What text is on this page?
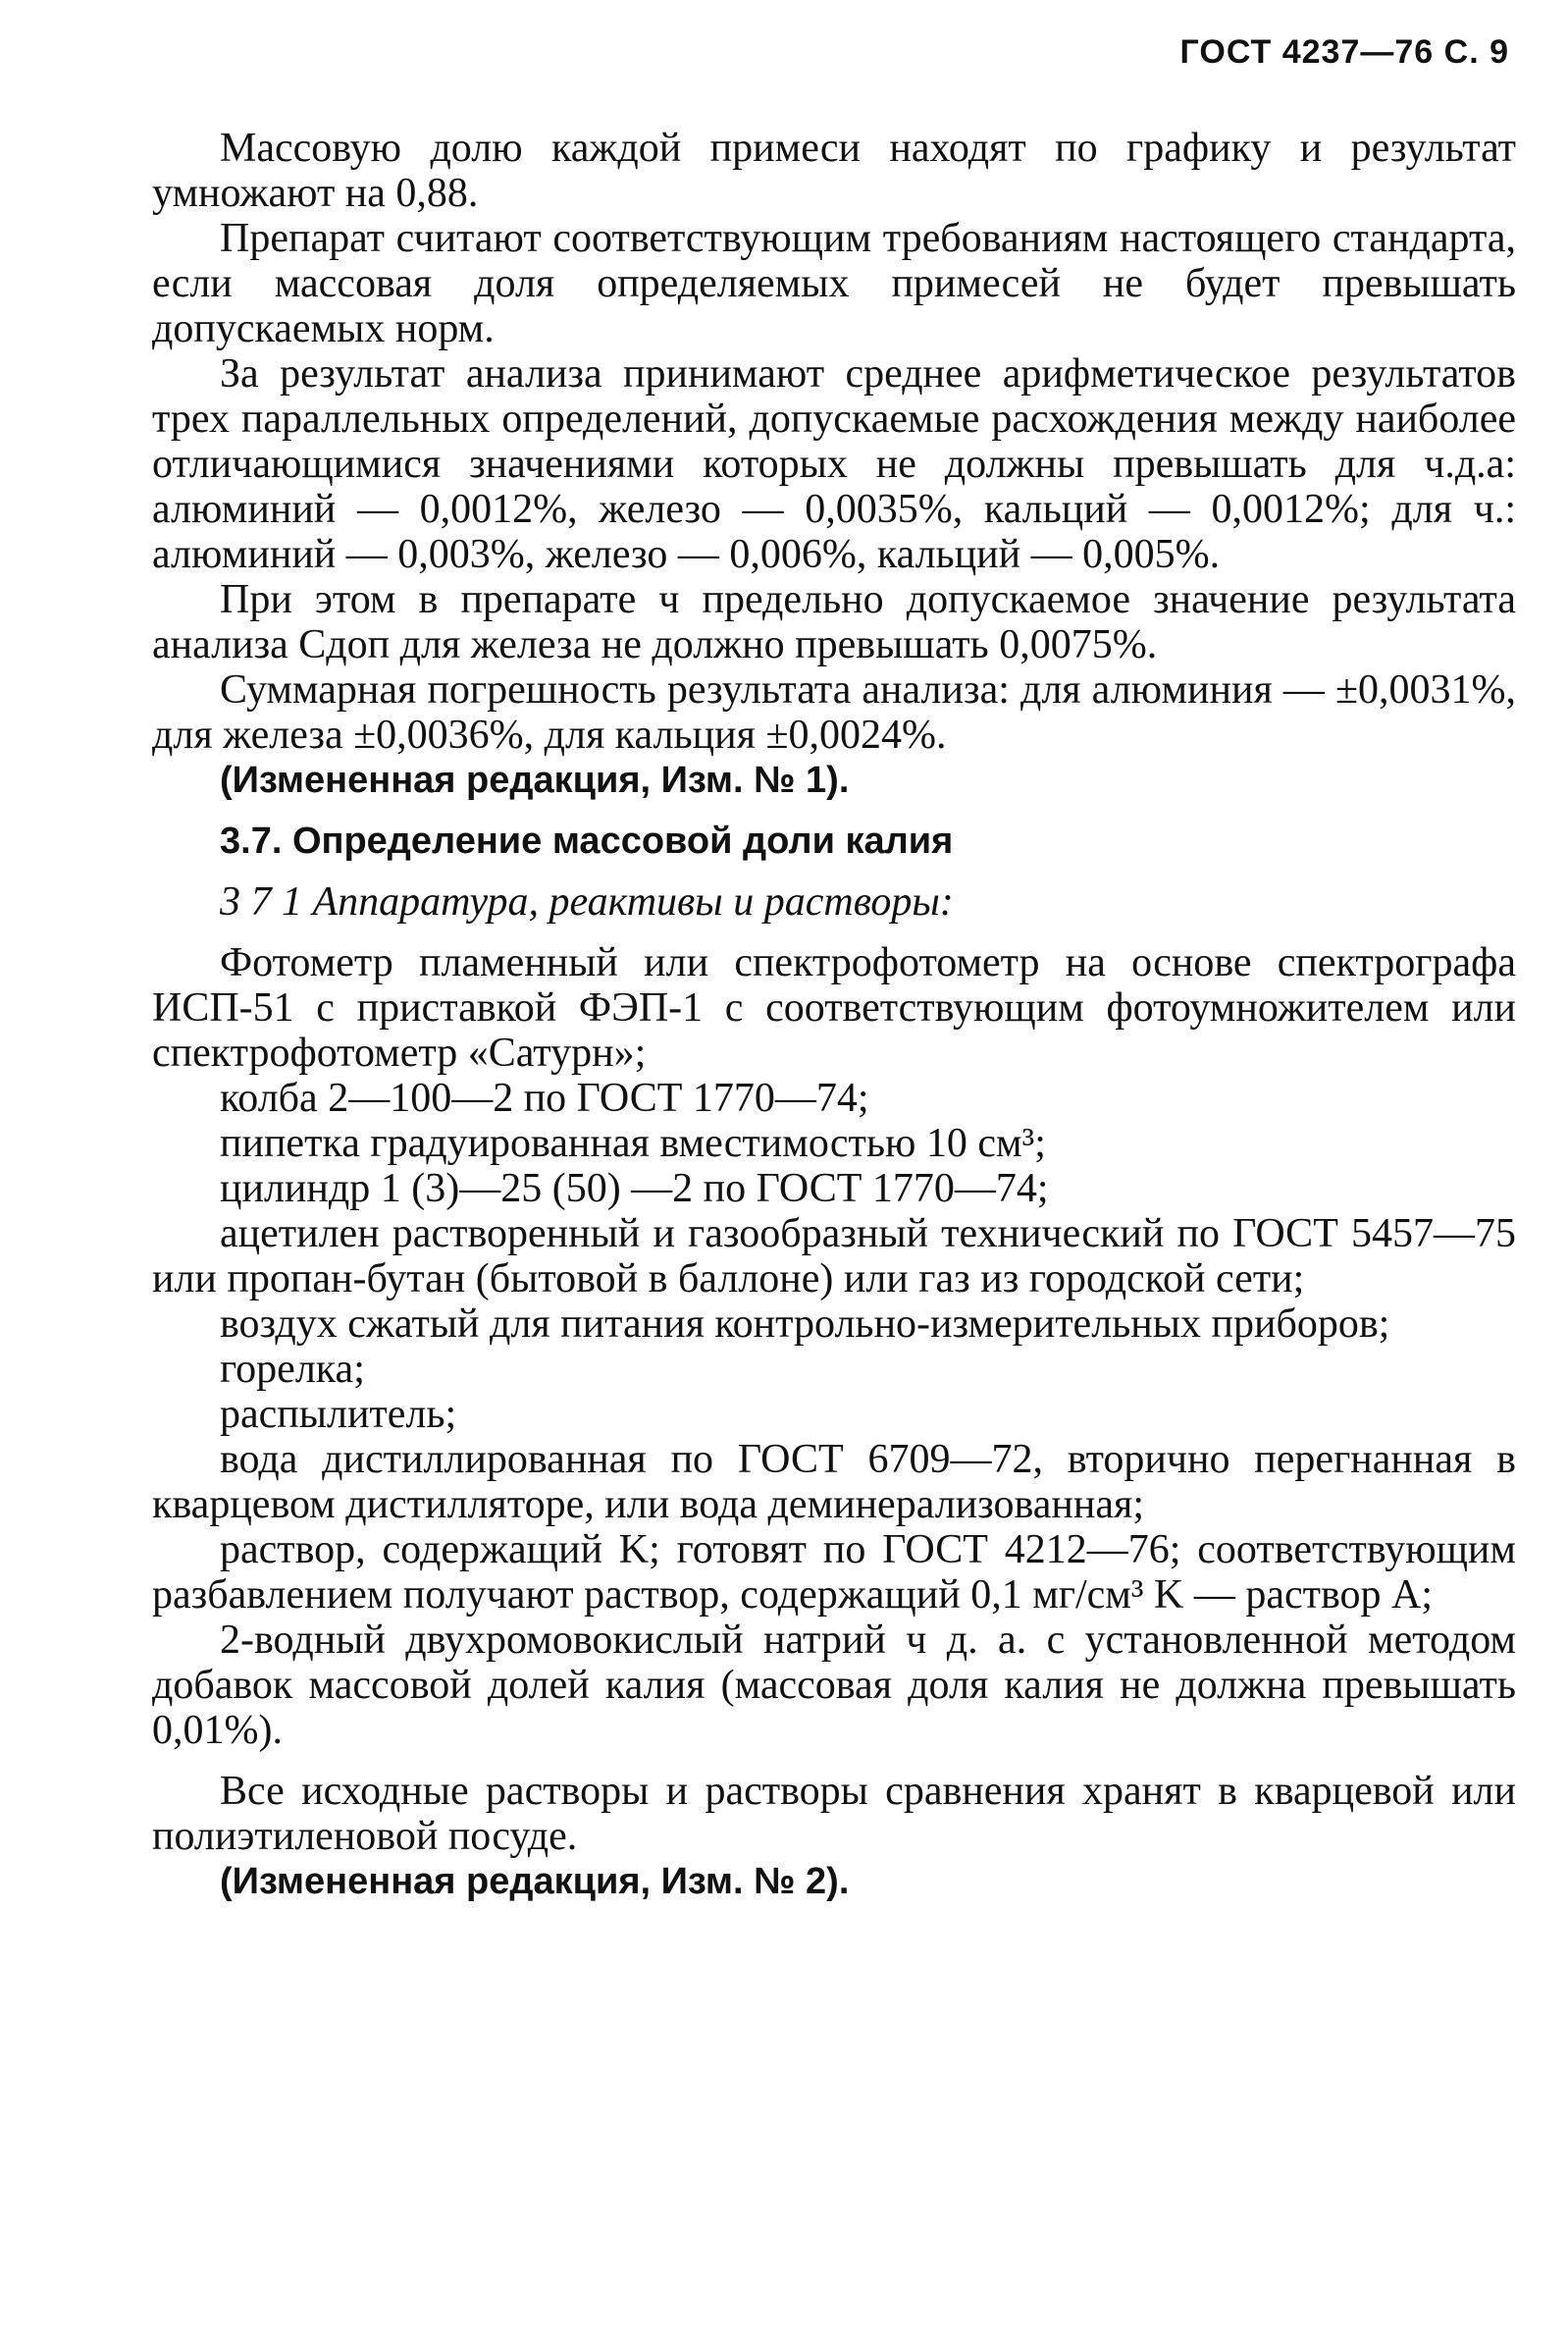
ГОСТ 4237—76 С. 9

Массовую долю каждой примеси находят по графику и результат умножают на 0,88.

Препарат считают соответствующим требованиям настоящего стандарта, если массовая доля определяемых примесей не будет превышать допускаемых норм.

За результат анализа принимают среднее арифметическое результатов трех параллельных определений, допускаемые расхождения между наиболее отличающимися значениями которых не должны превышать для ч.д.а: алюминий — 0,0012%, железо — 0,0035%, кальций — 0,0012%; для ч.: алюминий — 0,003%, железо — 0,006%, кальций — 0,005%.

При этом в препарате ч предельно допускаемое значение результата анализа Cдоп для железа не должно превышать 0,0075%.

Суммарная погрешность результата анализа: для алюминия — ±0,0031%, для железа ±0,0036%, для кальция ±0,0024%.

(Измененная редакция, Изм. № 1).

3.7. Определение массовой доли калия

3 7 1 Аппаратура, реактивы и растворы:

Фотометр пламенный или спектрофотометр на основе спектрографа ИСП-51 с приставкой ФЭП-1 с соответствующим фотоумножителем или спектрофотометр «Сатурн»;

колба 2—100—2 по ГОСТ 1770—74;

пипетка градуированная вместимостью 10 см³;

цилиндр 1 (3)—25 (50) —2 по ГОСТ 1770—74;

ацетилен растворенный и газообразный технический по ГОСТ 5457—75 или пропан-бутан (бытовой в баллоне) или газ из городской сети;

воздух сжатый для питания контрольно-измерительных приборов;

горелка;

распылитель;

вода дистиллированная по ГОСТ 6709—72, вторично перегнанная в кварцевом дистилляторе, или вода деминерализованная;

раствор, содержащий K; готовят по ГОСТ 4212—76; соответствующим разбавлением получают раствор, содержащий 0,1 мг/см³ K — раствор A;

2-водный двухромовокислый натрий ч д. а. с установленной методом добавок массовой долей калия (массовая доля калия не должна превышать 0,01%).

Все исходные растворы и растворы сравнения хранят в кварцевой или полиэтиленовой посуде.

(Измененная редакция, Изм. № 2).
